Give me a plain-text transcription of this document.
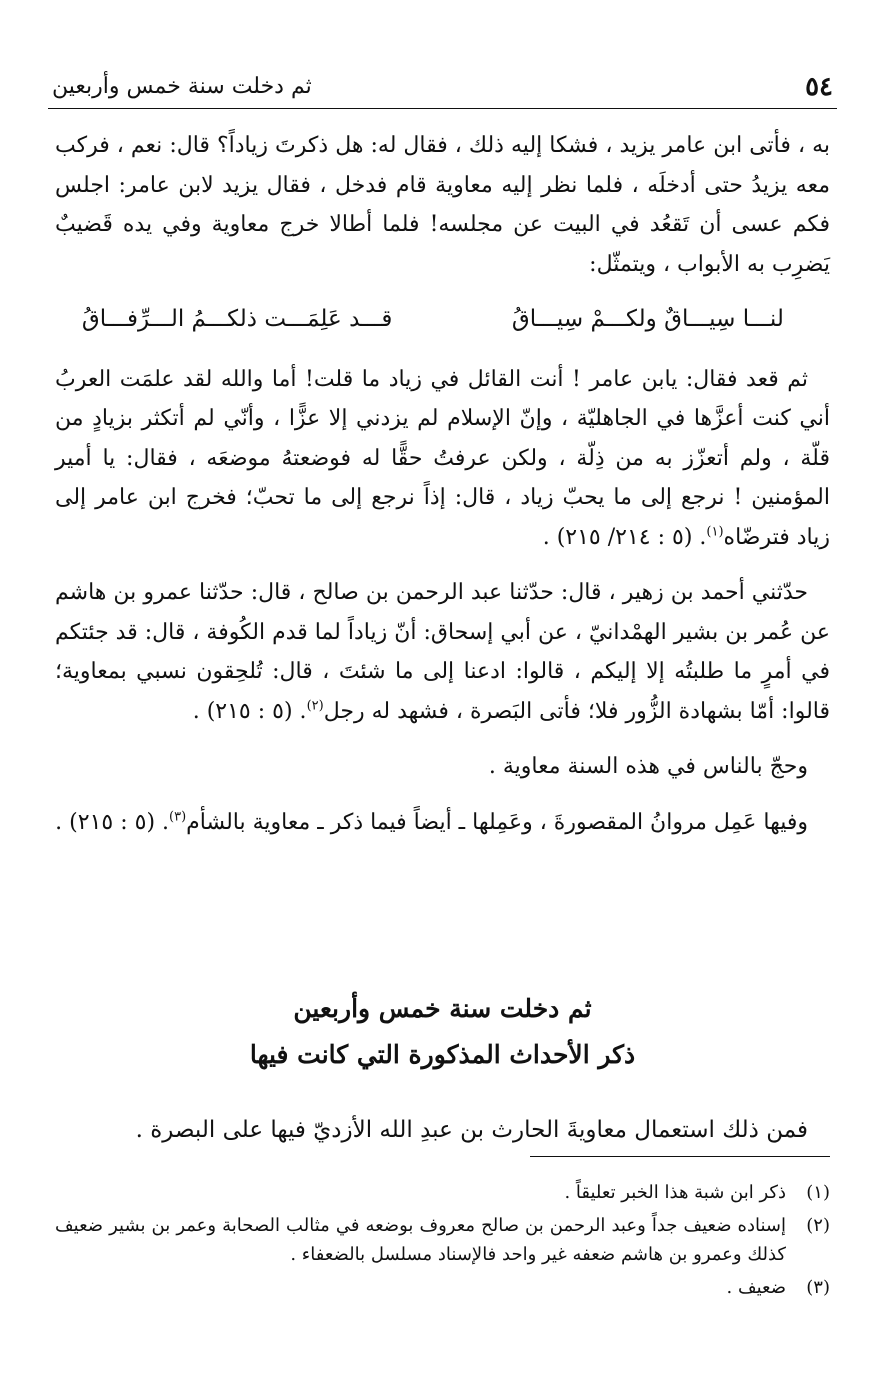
٥٤
ثم دخلت سنة خمس وأربعين

به ، فأتى ابن عامر يزيد ، فشكا إليه ذلك ، فقال له: هل ذكرتَ زياداً؟ قال: نعم ، فركب معه يزيدُ حتى أدخلَه ، فلما نظر إليه معاوية قام فدخل ، فقال يزيد لابن عامر: اجلس فكم عسى أن تَقعُد في البيت عن مجلسه! فلما أطالا خرج معاوية وفي يده قَضيبٌ يَضرِب به الأبواب ، ويتمثّل:

لنـــا سِيـــاقٌ ولكـــمْ سِيـــاقُ
قـــد عَلِمَـــت ذلكـــمُ الـــرِّفـــاقُ

ثم قعد فقال: يابن عامر ! أنت القائل في زياد ما قلت! أما والله لقد علمَت العربُ أني كنت أعزَّها في الجاهليّة ، وإنّ الإسلام لم يزدني إلا عزًّا ، وأنّي لم أتكثر بزيادٍ من قلّة ، ولم أتعزّز به من ذِلّة ، ولكن عرفتُ حقًّا له فوضعتهُ موضعَه ، فقال: يا أمير المؤمنين ! نرجع إلى ما يحبّ زياد ، قال: إذاً نرجع إلى ما تحبّ؛ فخرج ابن عامر إلى زياد فترضّاه$^{(١)}$. (٥ : ٢١٤/ ٢١٥) .

حدّثني أحمد بن زهير ، قال: حدّثنا عبد الرحمن بن صالح ، قال: حدّثنا عمرو بن هاشم عن عُمر بن بشير الهمْدانيّ ، عن أبي إسحاق: أنّ زياداً لما قدم الكُوفة ، قال: قد جئتكم في أمرٍ ما طلبتُه إلا إليكم ، قالوا: ادعنا إلى ما شئتَ ، قال: تُلحِقون نسبي بمعاوية؛ قالوا: أمّا بشهادة الزُّور فلا؛ فأتى البَصرة ، فشهد له رجل$^{(٢)}$. (٥ : ٢١٥) .

وحجّ بالناس في هذه السنة معاوية .

وفيها عَمِل مروانُ المقصورةَ ، وعَمِلها ـ أيضاً فيما ذكر ـ معاوية بالشأم$^{(٣)}$. (٥ : ٢١٥) .

ثم دخلت سنة خمس وأربعين
ذكر الأحداث المذكورة التي كانت فيها
فمن ذلك استعمال معاويةَ الحارث بن عبدِ الله الأزديّ فيها على البصرة .
(١)
ذكر ابن شبة هذا الخبر تعليقاً .
(٢)
إسناده ضعيف جداً وعبد الرحمن بن صالح معروف بوضعه في مثالب الصحابة وعمر بن بشير ضعيف كذلك وعمرو بن هاشم ضعفه غير واحد فالإسناد مسلسل بالضعفاء .
(٣)
ضعيف .
